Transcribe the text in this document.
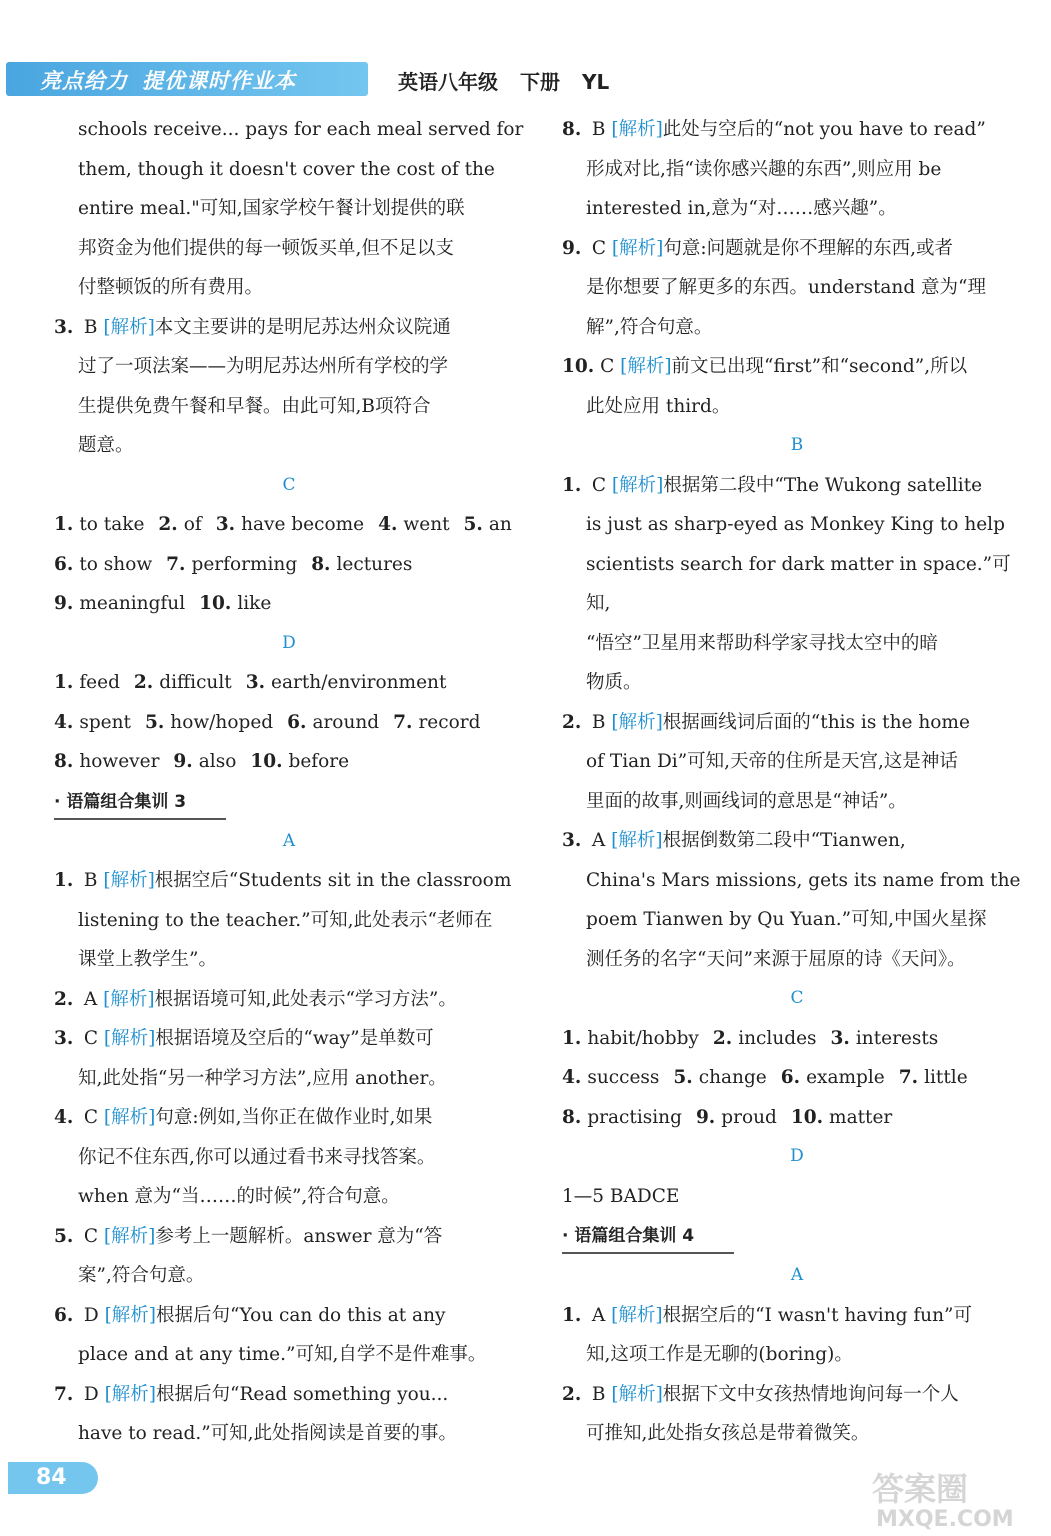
亮点给力 提优课时作业本	英语八年级 下册 YL
schools receive... pays for each meal served for
them, though it doesn't cover the cost of the
entire meal."可知,国家学校午餐计划提供的联
邦资金为他们提供的每一顿饭买单,但不足以支
付整顿饭的所有费用。
3. B [解析]本文主要讲的是明尼苏达州众议院通
过了一项法案——为明尼苏达州所有学校的学
生提供免费午餐和早餐。由此可知,B项符合
题意。
C
1. to take 2. of 3. have become 4. went 5. an
6. to show 7. performing 8. lectures
9. meaningful 10. like
D
1. feed 2. difficult 3. earth/environment
4. spent 5. how/hoped 6. around 7. record
8. however 9. also 10. before
· 语篇组合集训 3
A
1. B [解析]根据空后“Students sit in the classroom
listening to the teacher.”可知,此处表示“老师在
课堂上教学生”。
2. A [解析]根据语境可知,此处表示“学习方法”。
3. C [解析]根据语境及空后的“way”是单数可
知,此处指“另一种学习方法”,应用 another。
4. C [解析]句意:例如,当你正在做作业时,如果
你记不住东西,你可以通过看书来寻找答案。
when 意为“当……的时候”,符合句意。
5. C [解析]参考上一题解析。answer 意为“答
案”,符合句意。
6. D [解析]根据后句“You can do this at any
place and at any time.”可知,自学不是件难事。
7. D [解析]根据后句“Read something you...
have to read.”可知,此处指阅读是首要的事。
8. B [解析]此处与空后的“not you have to read”
形成对比,指“读你感兴趣的东西”,则应用 be
interested in,意为“对……感兴趣”。
9. C [解析]句意:问题就是你不理解的东西,或者
是你想要了解更多的东西。understand 意为“理
解”,符合句意。
10. C [解析]前文已出现“first”和“second”,所以
此处应用 third。
B
1. C [解析]根据第二段中“The Wukong satellite
is just as sharp-eyed as Monkey King to help
scientists search for dark matter in space.”可知,
“悟空”卫星用来帮助科学家寻找太空中的暗
物质。
2. B [解析]根据画线词后面的“this is the home
of Tian Di”可知,天帝的住所是天宫,这是神话
里面的故事,则画线词的意思是“神话”。
3. A [解析]根据倒数第二段中“Tianwen,
China's Mars missions, gets its name from the
poem Tianwen by Qu Yuan.”可知,中国火星探
测任务的名字“天问”来源于屈原的诗《天问》。
C
1. habit/hobby 2. includes 3. interests
4. success 5. change 6. example 7. little
8. practising 9. proud 10. matter
D
1—5 BADCE
· 语篇组合集训 4
A
1. A [解析]根据空后的“I wasn't having fun”可
知,这项工作是无聊的(boring)。
2. B [解析]根据下文中女孩热情地询问每一个人
可推知,此处指女孩总是带着微笑。
84	答案圈
MXQE.COM
